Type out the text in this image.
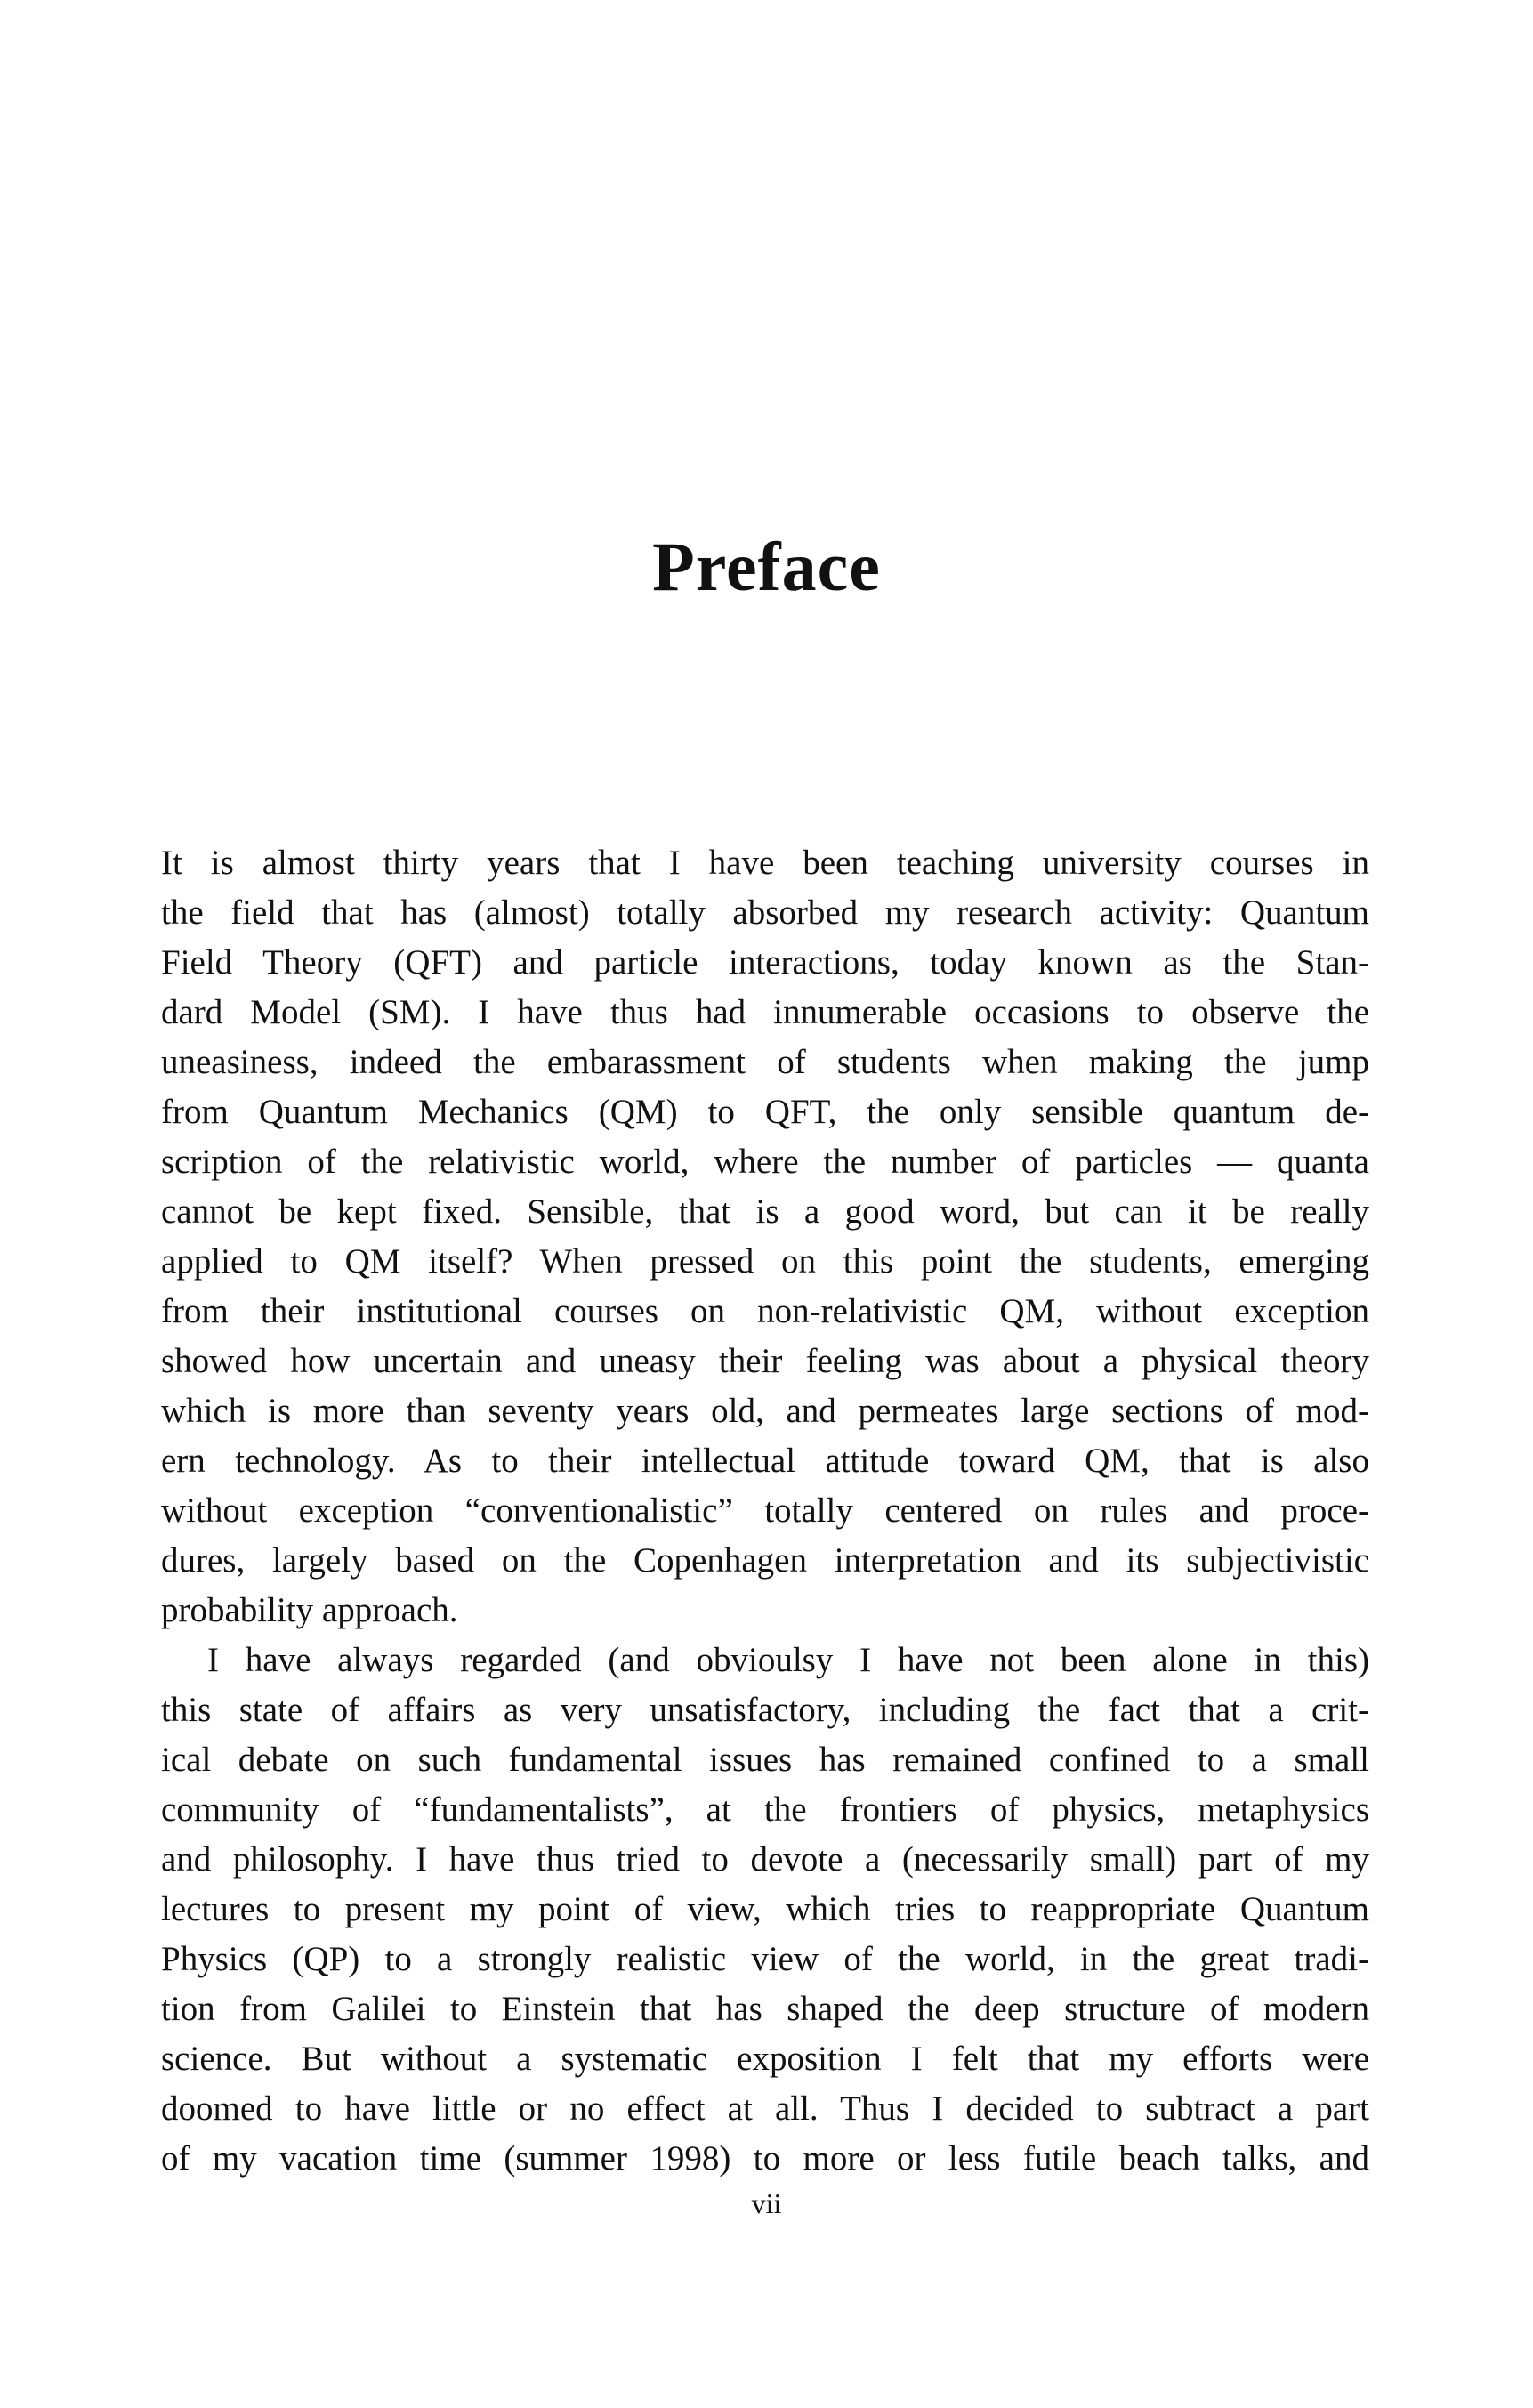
Preface
It is almost thirty years that I have been teaching university courses in
the field that has (almost) totally absorbed my research activity: Quantum
Field Theory (QFT) and particle interactions, today known as the Stan-
dard Model (SM). I have thus had innumerable occasions to observe the
uneasiness, indeed the embarassment of students when making the jump
from Quantum Mechanics (QM) to QFT, the only sensible quantum de-
scription of the relativistic world, where the number of particles — quanta
cannot be kept fixed. Sensible, that is a good word, but can it be really
applied to QM itself? When pressed on this point the students, emerging
from their institutional courses on non-relativistic QM, without exception
showed how uncertain and uneasy their feeling was about a physical theory
which is more than seventy years old, and permeates large sections of mod-
ern technology. As to their intellectual attitude toward QM, that is also
without exception “conventionalistic” totally centered on rules and proce-
dures, largely based on the Copenhagen interpretation and its subjectivistic
probability approach.
I have always regarded (and obvioulsy I have not been alone in this)
this state of affairs as very unsatisfactory, including the fact that a crit-
ical debate on such fundamental issues has remained confined to a small
community of “fundamentalists”, at the frontiers of physics, metaphysics
and philosophy. I have thus tried to devote a (necessarily small) part of my
lectures to present my point of view, which tries to reappropriate Quantum
Physics (QP) to a strongly realistic view of the world, in the great tradi-
tion from Galilei to Einstein that has shaped the deep structure of modern
science. But without a systematic exposition I felt that my efforts were
doomed to have little or no effect at all. Thus I decided to subtract a part
of my vacation time (summer 1998) to more or less futile beach talks, and
vii
